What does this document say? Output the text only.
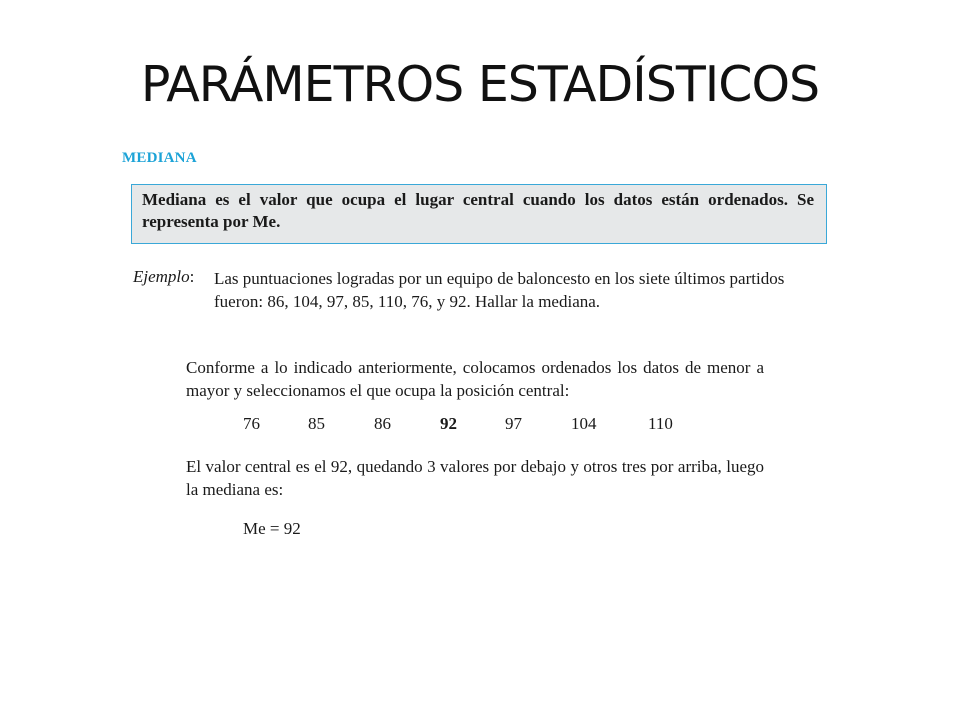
PARÁMETROS ESTADÍSTICOS
MEDIANA
Mediana es el valor que ocupa el lugar central cuando los datos están ordenados. Se representa por Me.
Ejemplo: Las puntuaciones logradas por un equipo de baloncesto en los siete últimos partidos fueron: 86, 104, 97, 85, 110, 76, y 92. Hallar la mediana.
Conforme a lo indicado anteriormente, colocamos ordenados los datos de menor a mayor y seleccionamos el que ocupa la posición central:
76	85	86	92	97	104	110
El valor central es el 92, quedando 3 valores por debajo y otros tres por arriba, luego la mediana es:
Me = 92
